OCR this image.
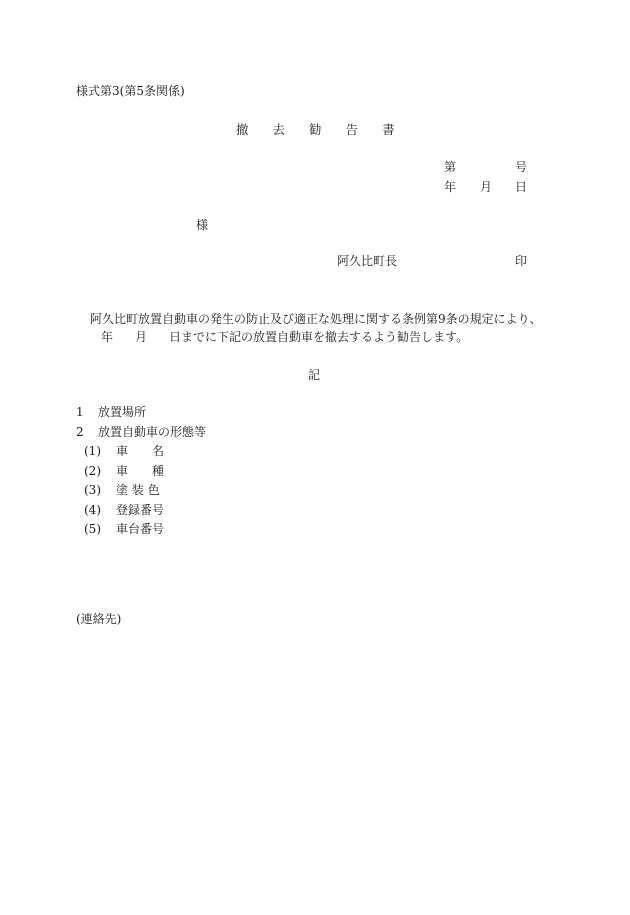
様式第3(第5条関係)
撤 去 勧 告 書
第	号
年 月 日
様
阿久比町長	印
阿久比町放置自動車の発生の防止及び適正な処理に関する条例第9条の規定により、
年 月 日までに下記の放置自動車を撤去するよう勧告します。
記
1	放置場所
2	放置自動車の形態等
(1)	車　　名
(2)	車　　種
(3)	塗 装 色
(4)	登録番号
(5)	車台番号
(連絡先)
